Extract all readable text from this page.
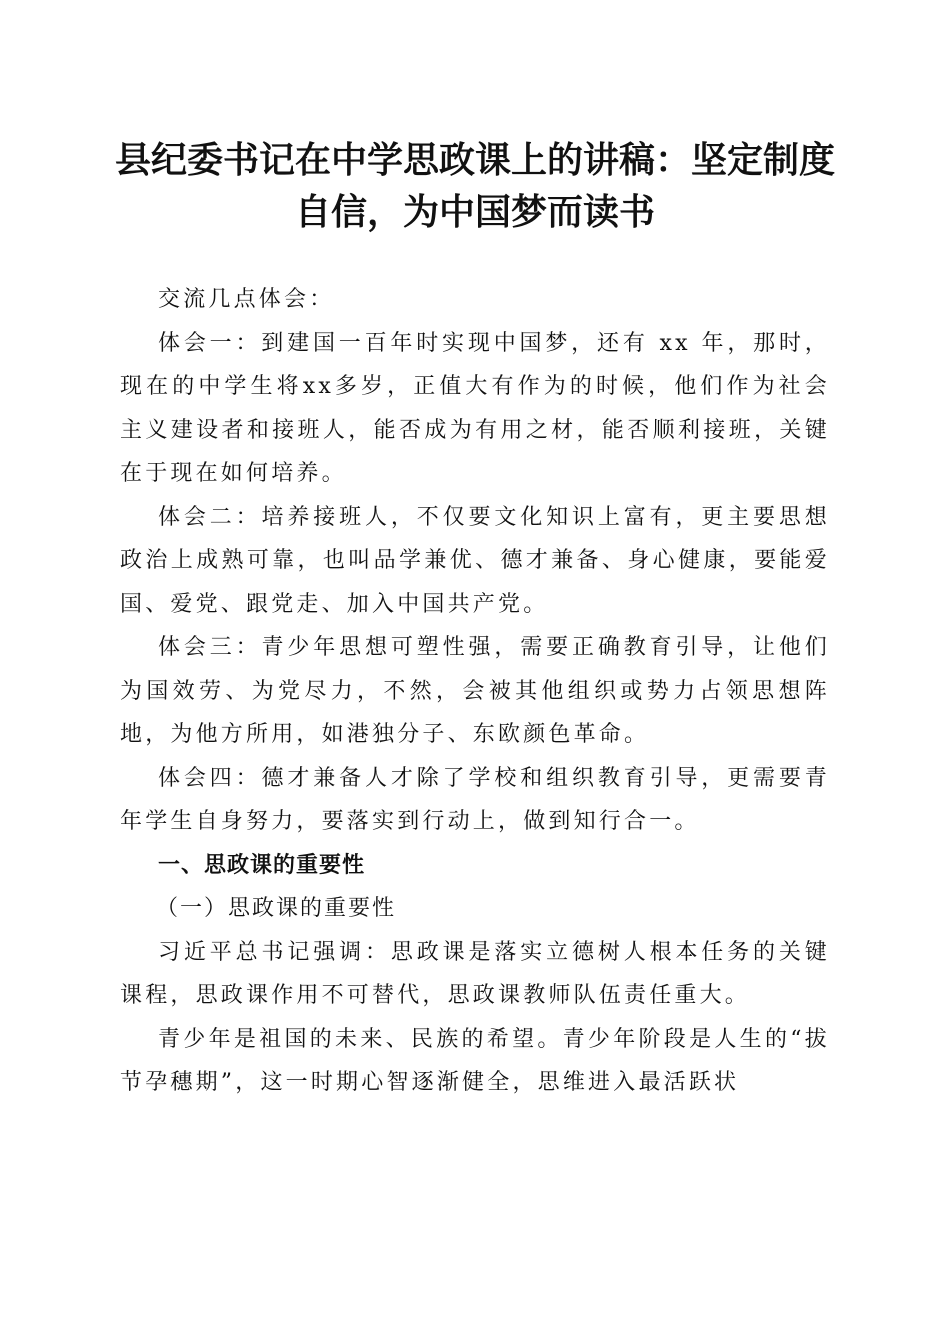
县纪委书记在中学思政课上的讲稿：坚定制度
自信，为中国梦而读书

交流几点体会：

体会一：到建国一百年时实现中国梦，还有 xx 年，那时，现在的中学生将xx多岁，正值大有作为的时候，他们作为社会主义建设者和接班人，能否成为有用之材，能否顺利接班，关键在于现在如何培养。

体会二：培养接班人，不仅要文化知识上富有，更主要思想政治上成熟可靠，也叫品学兼优、德才兼备、身心健康，要能爱国、爱党、跟党走、加入中国共产党。

体会三：青少年思想可塑性强，需要正确教育引导，让他们为国效劳、为党尽力，不然，会被其他组织或势力占领思想阵地，为他方所用，如港独分子、东欧颜色革命。

体会四：德才兼备人才除了学校和组织教育引导，更需要青年学生自身努力，要落实到行动上，做到知行合一。

一、思政课的重要性

（一）思政课的重要性

习近平总书记强调：思政课是落实立德树人根本任务的关键课程，思政课作用不可替代，思政课教师队伍责任重大。

青少年是祖国的未来、民族的希望。青少年阶段是人生的“拔节孕穗期”，这一时期心智逐渐健全，思维进入最活跃状
